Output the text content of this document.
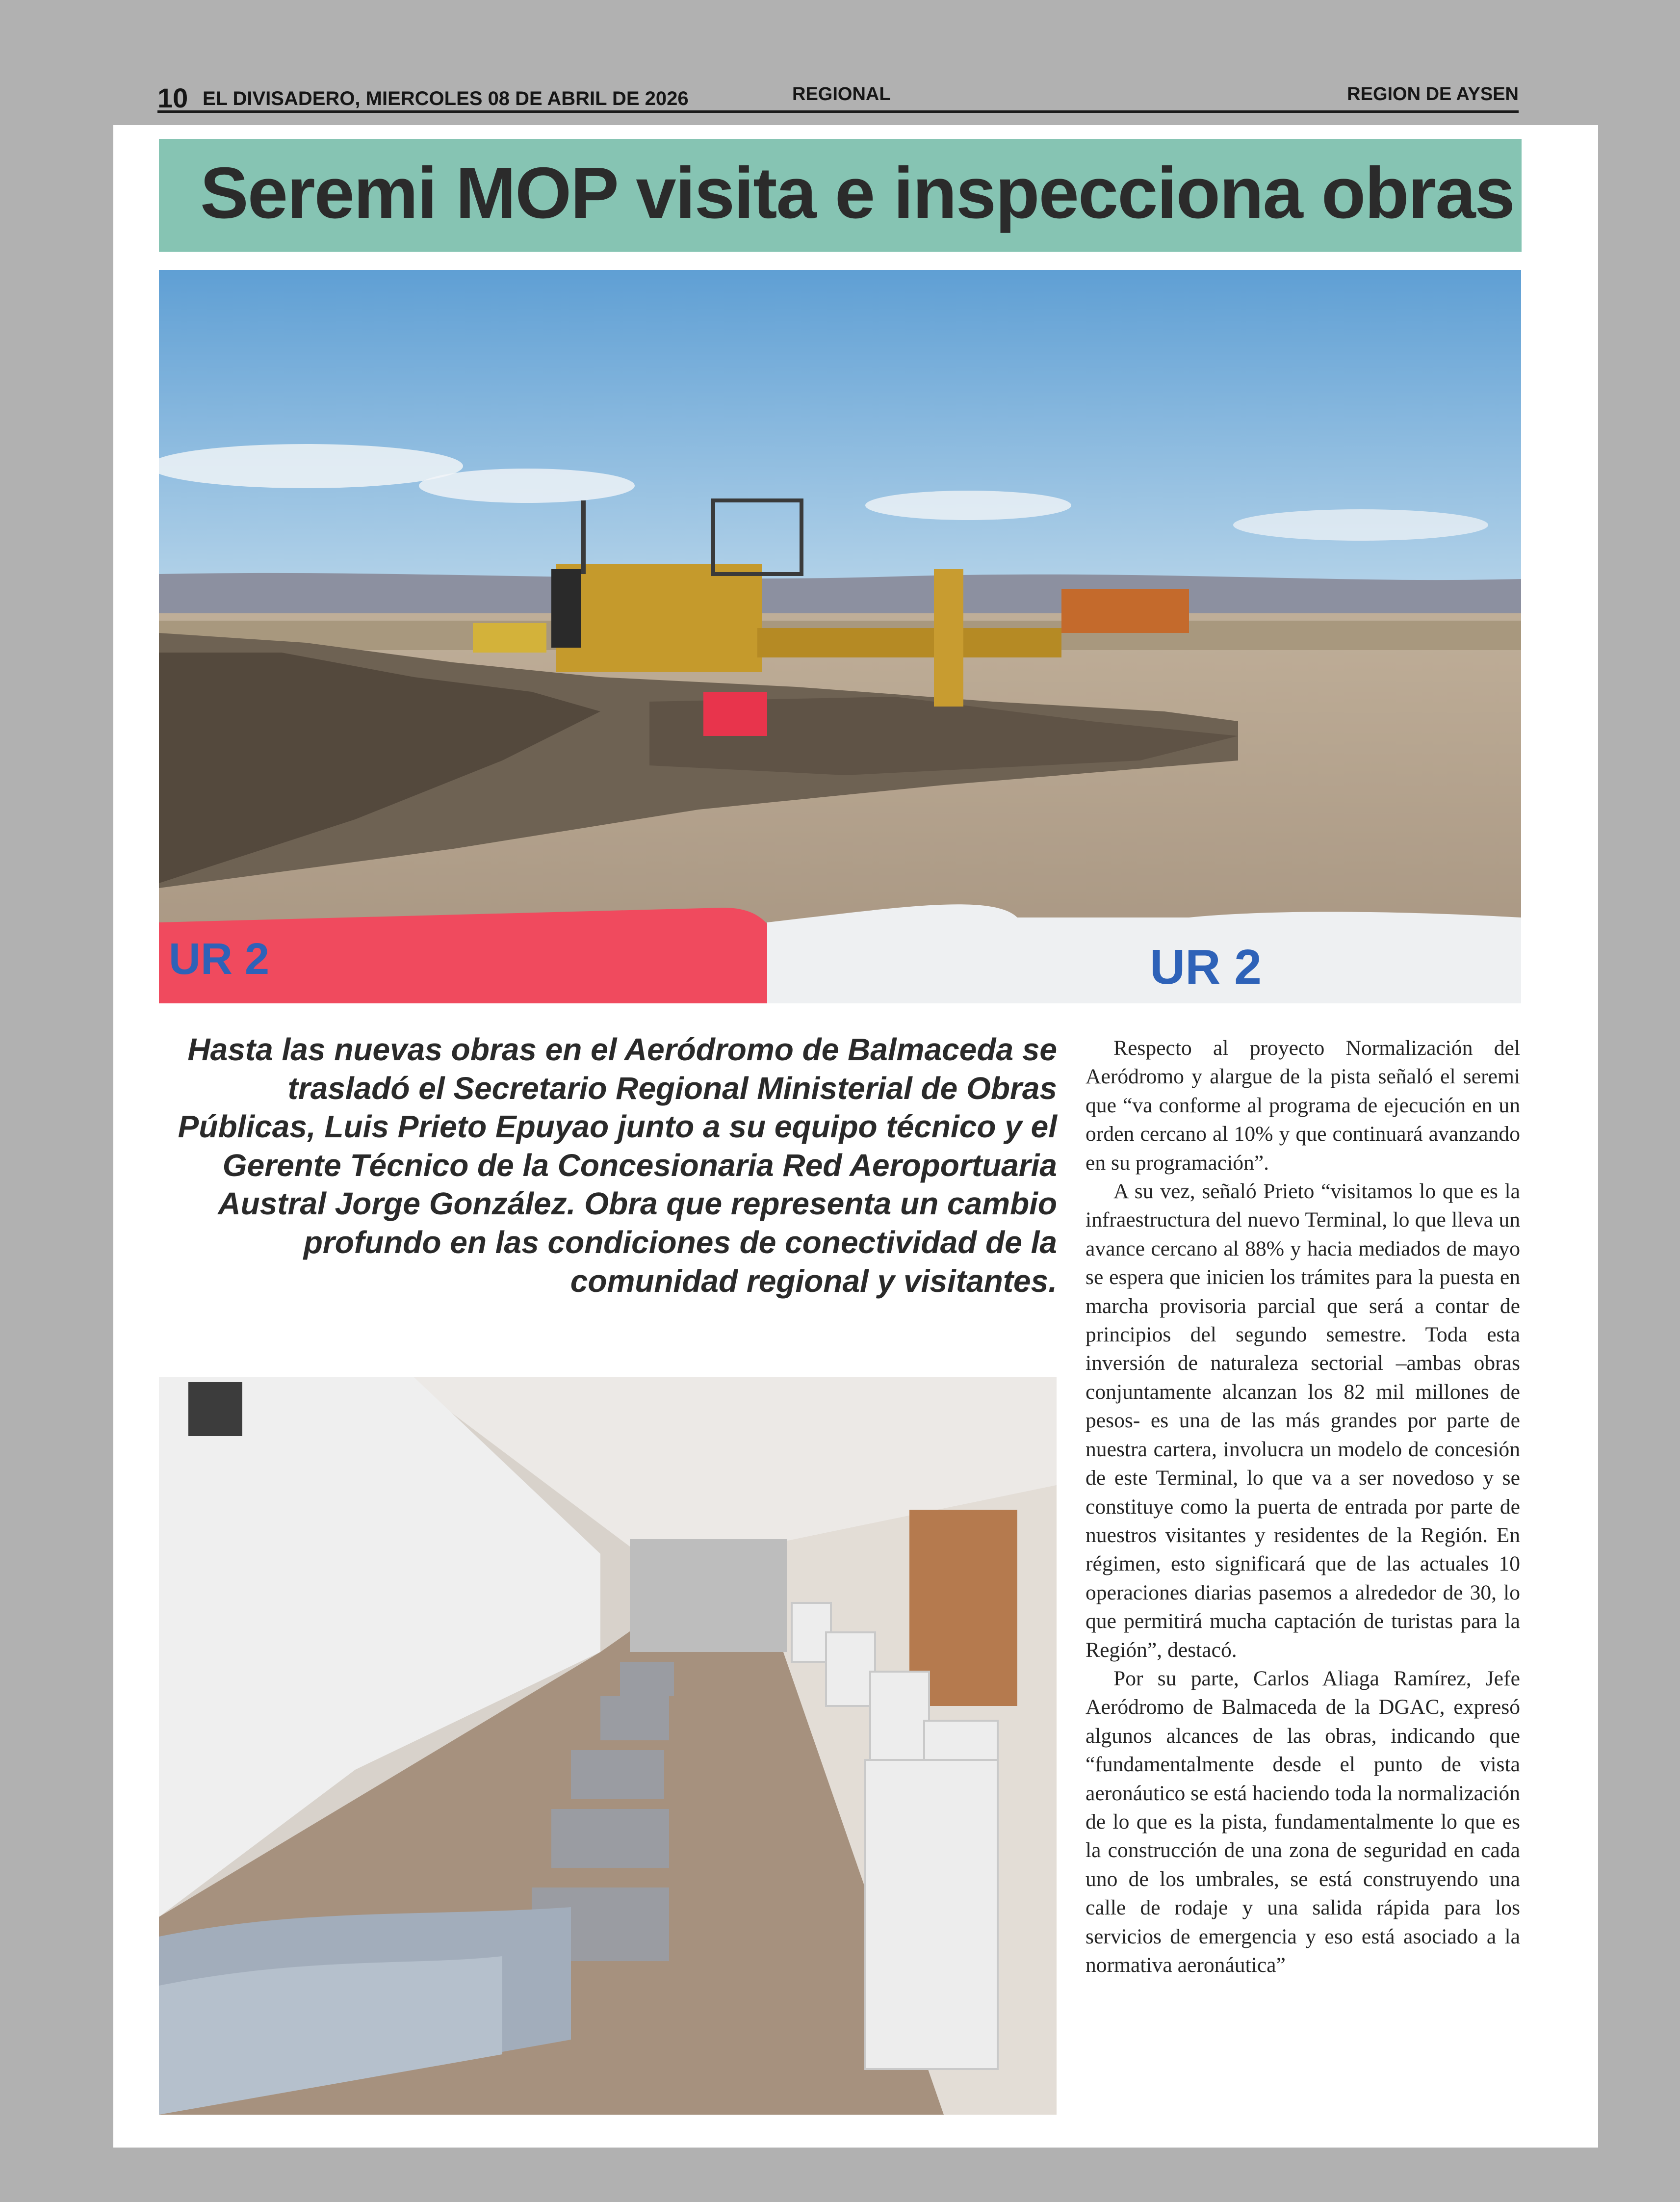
10 EL DIVISADERO, MIERCOLES 08 DE ABRIL DE 2026	REGIONAL	REGION DE AYSEN
Seremi MOP visita e inspecciona obras
UR 2	UR 2

Hasta las nuevas obras en el Aeródromo de Balmaceda se trasladó el Secretario Regional Ministerial de Obras Públicas, Luis Prieto Epuyao junto a su equipo técnico y el Gerente Técnico de la Concesionaria Red Aeroportuaria Austral Jorge González. Obra que representa un cambio profundo en las condiciones de conectividad de la comunidad regional y visitantes.

Respecto al proyecto Normalización del Aeródromo y alargue de la pista señaló el seremi que “va conforme al programa de ejecución en un orden cercano al 10% y que continuará avanzando en su programación”.

A su vez, señaló Prieto “visitamos lo que es la infraestructura del nuevo Terminal, lo que lleva un avance cercano al 88% y hacia mediados de mayo se espera que inicien los trámites para la puesta en marcha provisoria parcial que será a contar de principios del segundo semestre. Toda esta inversión de naturaleza sectorial –ambas obras conjuntamente alcanzan los 82 mil millones de pesos- es una de las más grandes por parte de nuestra cartera, involucra un modelo de concesión de este Terminal, lo que va a ser novedoso y se constituye como la puerta de entrada por parte de nuestros visitantes y residentes de la Región. En régimen, esto significará que de las actuales 10 operaciones diarias pasemos a alrededor de 30, lo que permitirá mucha captación de turistas para la Región”, destacó.

Por su parte, Carlos Aliaga Ramírez, Jefe Aeródromo de Balmaceda de la DGAC, expresó algunos alcances de las obras, indicando que “fundamentalmente desde el punto de vista aeronáutico se está haciendo toda la normalización de lo que es la pista, fundamentalmente lo que es la construcción de una zona de seguridad en cada uno de los umbrales, se está construyendo una calle de rodaje y una salida rápida para los servicios de emergencia y eso está asociado a la normativa aeronáutica”
